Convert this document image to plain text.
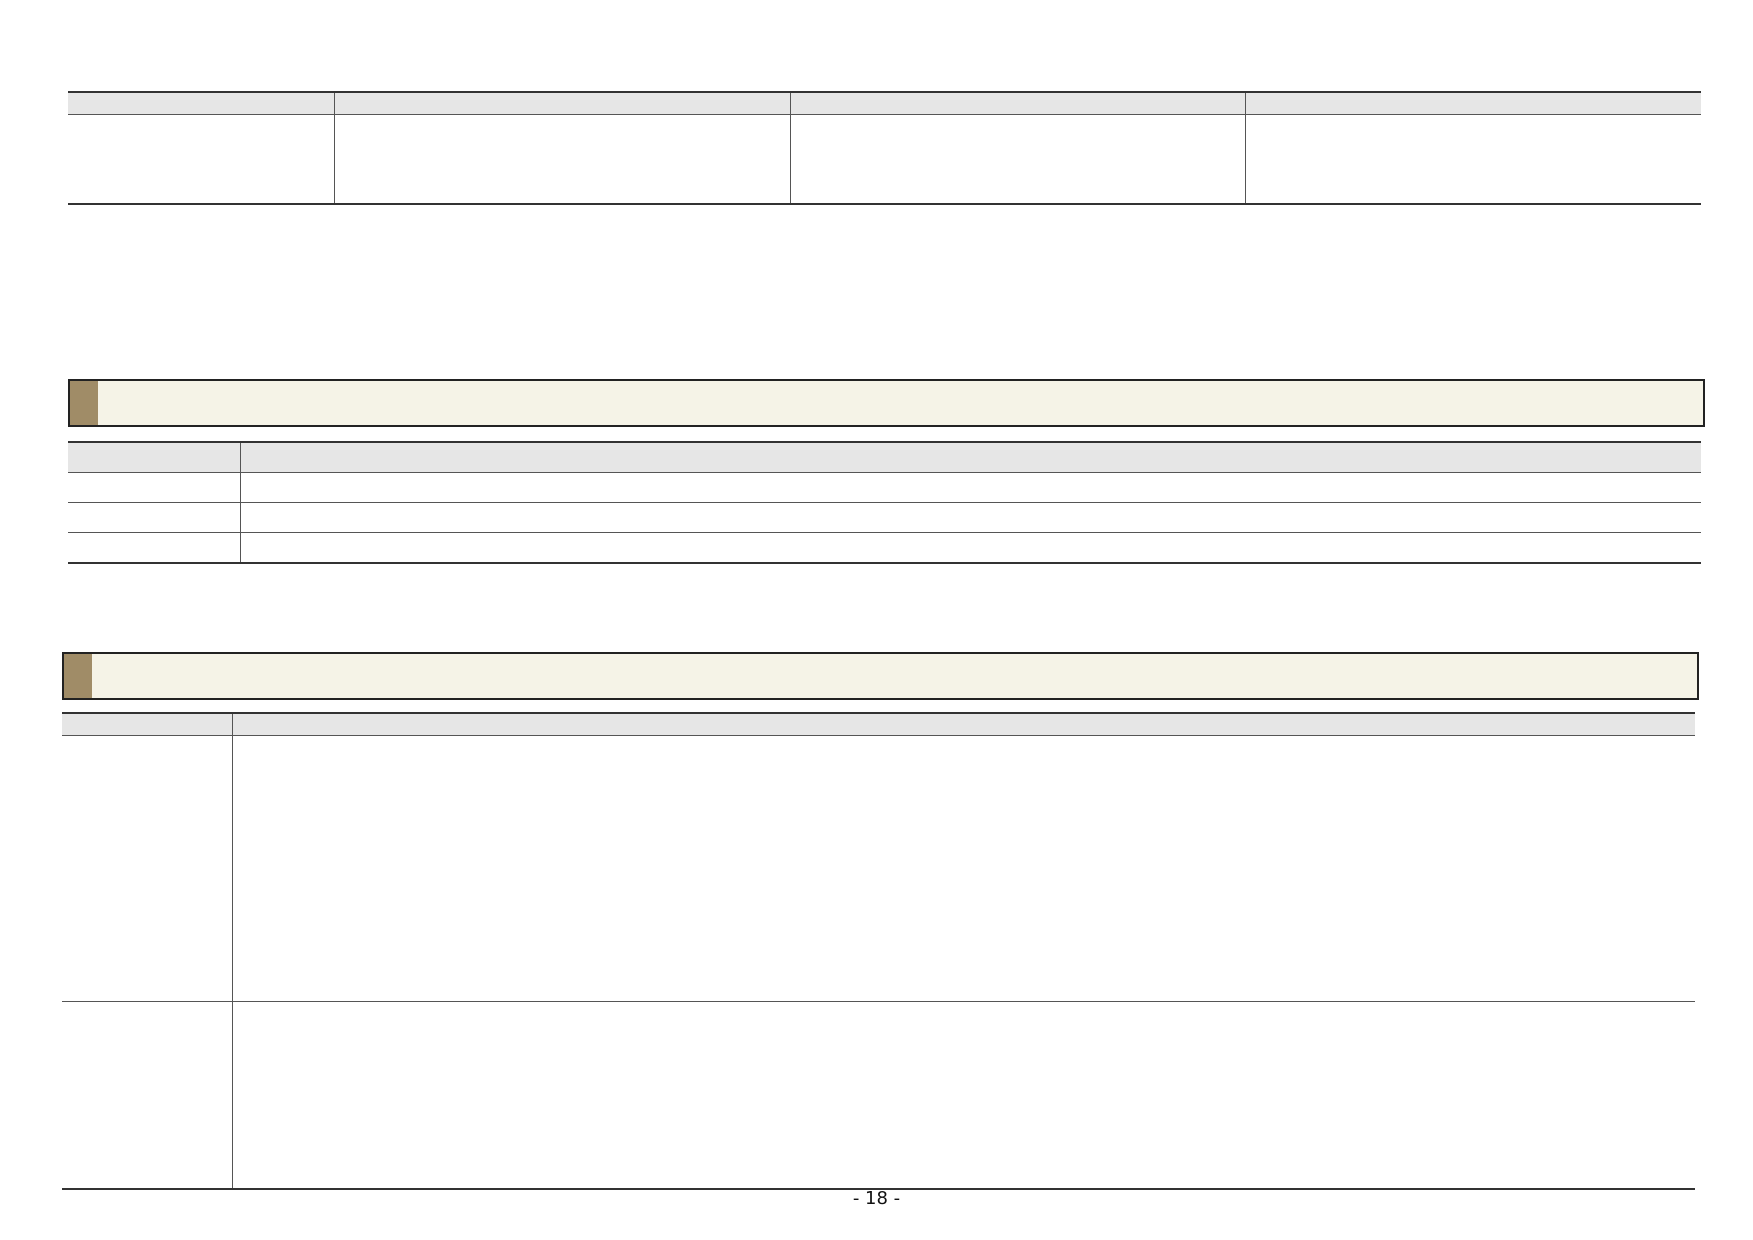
- 18 -
